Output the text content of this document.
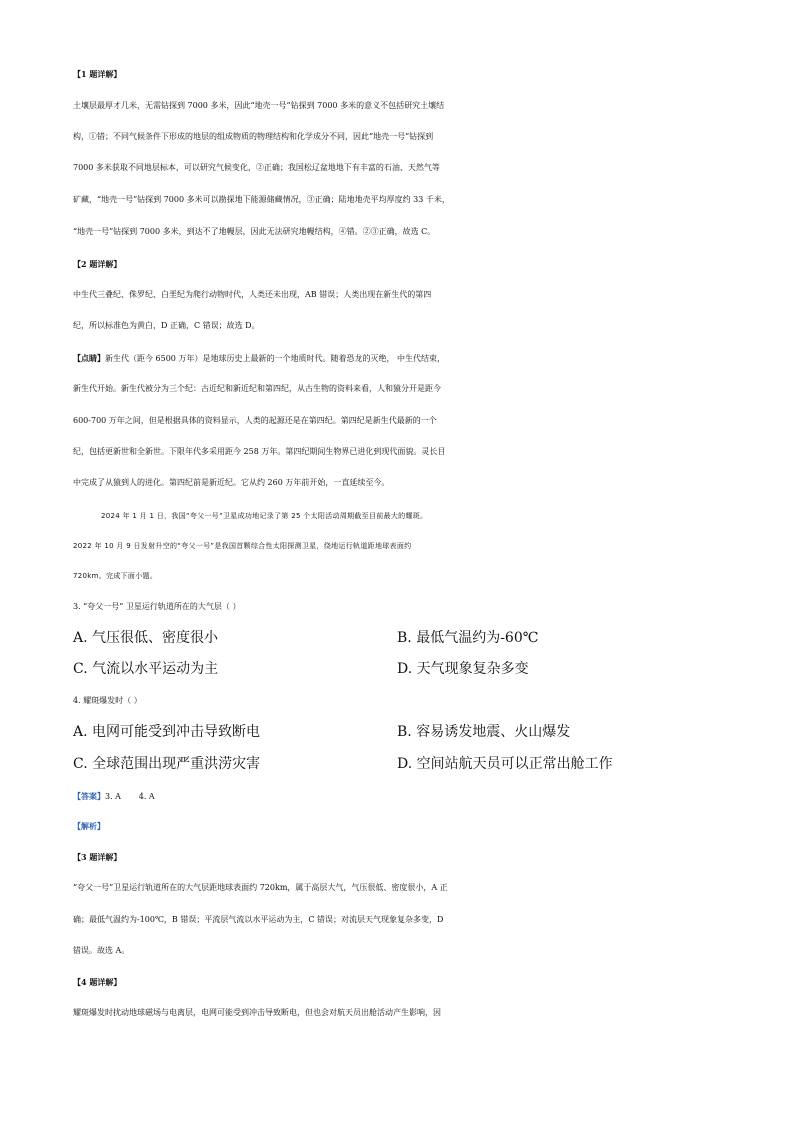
【1 题详解】
土壤层最厚才几米，无需钻探到 7000 多米，因此“地壳一号”钻探到 7000 多米的意义不包括研究土壤结
构，①错；不同气候条件下形成的地层的组成物质的物理结构和化学成分不同，因此“地壳一号”钻探到
7000 多米获取不同地层标本，可以研究气候变化，②正确；我国松辽盆地地下有丰富的石油、天然气等
矿藏，“地壳一号”钻探到 7000 多米可以勘探地下能源储藏情况，③正确；陆地地壳平均厚度约 33 千米，
“地壳一号”钻探到 7000 多米，到达不了地幔层，因此无法研究地幔结构，④错。②③正确，故选 C。
【2 题详解】
中生代三叠纪、侏罗纪、白垩纪为爬行动物时代，人类还未出现，AB 错误；人类出现在新生代的第四
纪，所以标准色为黄白，D 正确，C 错误；故选 D。
【点睛】新生代（距今 6500 万年）是地球历史上最新的一个地质时代。随着恐龙的灭绝， 中生代结束，
新生代开始。新生代被分为三个纪：古近纪和新近纪和第四纪，从古生物的资料来看，人和猿分开是距今
600-700 万年之间，但是根据具体的资料显示，人类的起源还是在第四纪。第四纪是新生代最新的一个
纪，包括更新世和全新世。下限年代多采用距今 258 万年。第四纪期间生物界已进化到现代面貌。灵长目
中完成了从猿到人的进化。第四纪前是新近纪。它从约 260 万年前开始，一直延续至今。
2024 年 1 月 1 日，我国“夸父一号”卫星成功地记录了第 25 个太阳活动周期截至目前最大的耀斑。
2022 年 10 月 9 日发射升空的“夸父一号”是我国首颗综合性太阳探测卫星，绕地运行轨道距地球表面约
720km。完成下面小题。
3. “夸父一号” 卫星运行轨道所在的大气层（ ）
A. 气压很低、密度很小	B. 最低气温约为-60℃
C. 气流以水平运动为主	D. 天气现象复杂多变
4. 耀斑爆发时（ ）
A. 电网可能受到冲击导致断电	B. 容易诱发地震、火山爆发
C. 全球范围出现严重洪涝灾害	D. 空间站航天员可以正常出舱工作
【答案】3. A       4. A
【解析】
【3 题详解】
“夸父一号”卫星运行轨道所在的大气层距地球表面约 720km，属于高层大气，气压很低、密度很小，A 正
确；最低气温约为-100℃，B 错误；平流层气流以水平运动为主，C 错误；对流层天气现象复杂多变，D
错误。故选 A。
【4 题详解】
耀斑爆发时扰动地球磁场与电离层，电网可能受到冲击导致断电，但也会对航天员出舱活动产生影响，因
